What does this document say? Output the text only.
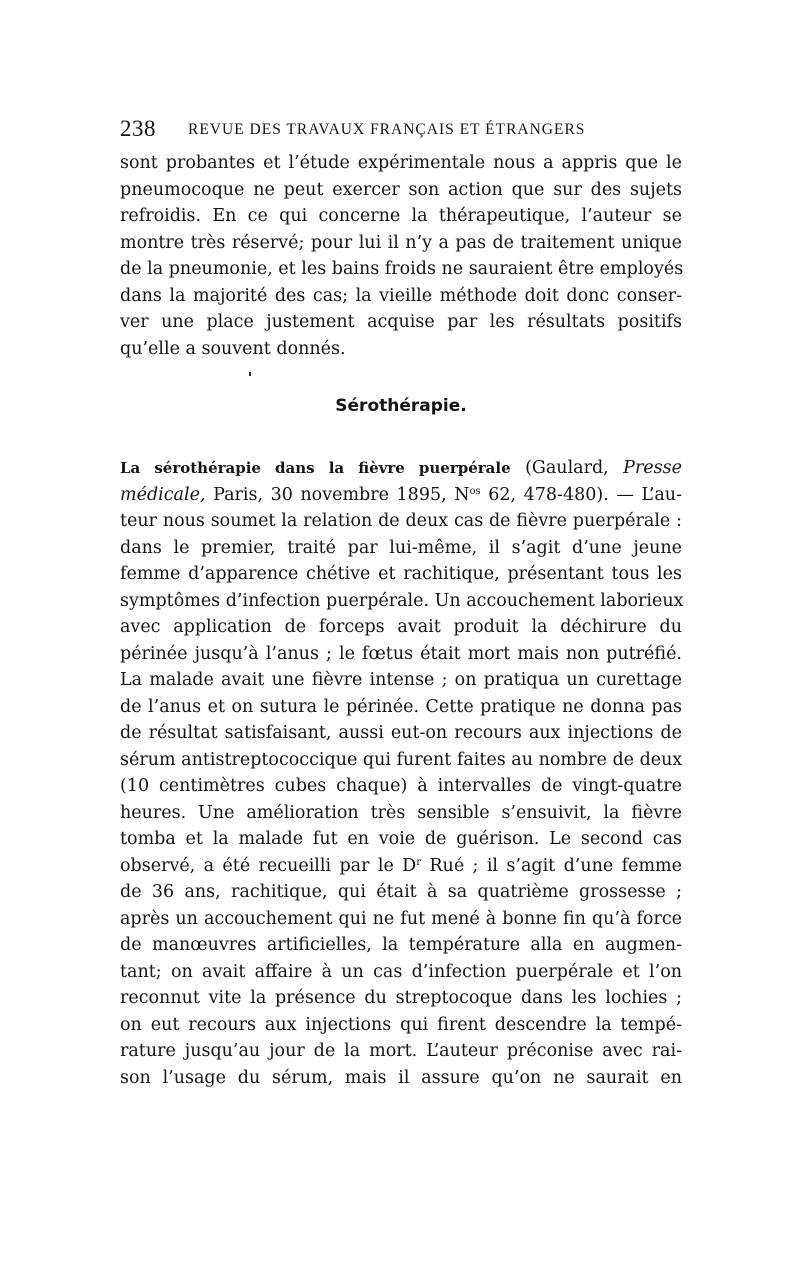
238 REVUE DES TRAVAUX FRANÇAIS ET ÉTRANGERS
sont probantes et l’étude expérimentale nous a appris que le
pneumocoque ne peut exercer son action que sur des sujets
refroidis. En ce qui concerne la thérapeutique, l’auteur se
montre très réservé; pour lui il n’y a pas de traitement unique
de la pneumonie, et les bains froids ne sauraient être employés
dans la majorité des cas; la vieille méthode doit donc conser-
ver une place justement acquise par les résultats positifs
qu’elle a souvent donnés.
Sérothérapie.
La sérothérapie dans la fièvre puerpérale (Gaulard, Presse
médicale, Paris, 30 novembre 1895, $N^{os}$ 62, 478-480). — L’au-
teur nous soumet la relation de deux cas de fièvre puerpérale :
dans le premier, traité par lui-même, il s’agit d’une jeune
femme d’apparence chétive et rachitique, présentant tous les
symptômes d’infection puerpérale. Un accouchement laborieux
avec application de forceps avait produit la déchirure du
périnée jusqu’à l’anus ; le fœtus était mort mais non putréfié.
La malade avait une fièvre intense ; on pratiqua un curettage
de l’anus et on sutura le périnée. Cette pratique ne donna pas
de résultat satisfaisant, aussi eut-on recours aux injections de
sérum antistreptococcique qui furent faites au nombre de deux
(10 centimètres cubes chaque) à intervalles de vingt-quatre
heures. Une amélioration très sensible s’ensuivit, la fièvre
tomba et la malade fut en voie de guérison. Le second cas
observé, a été recueilli par le $D^r$ Rué ; il s’agit d’une femme
de 36 ans, rachitique, qui était à sa quatrième grossesse ;
après un accouchement qui ne fut mené à bonne fin qu’à force
de manœuvres artificielles, la température alla en augmen-
tant; on avait affaire à un cas d’infection puerpérale et l’on
reconnut vite la présence du streptocoque dans les lochies ;
on eut recours aux injections qui firent descendre la tempé-
rature jusqu’au jour de la mort. L’auteur préconise avec rai-
son l’usage du sérum, mais il assure qu’on ne saurait en
